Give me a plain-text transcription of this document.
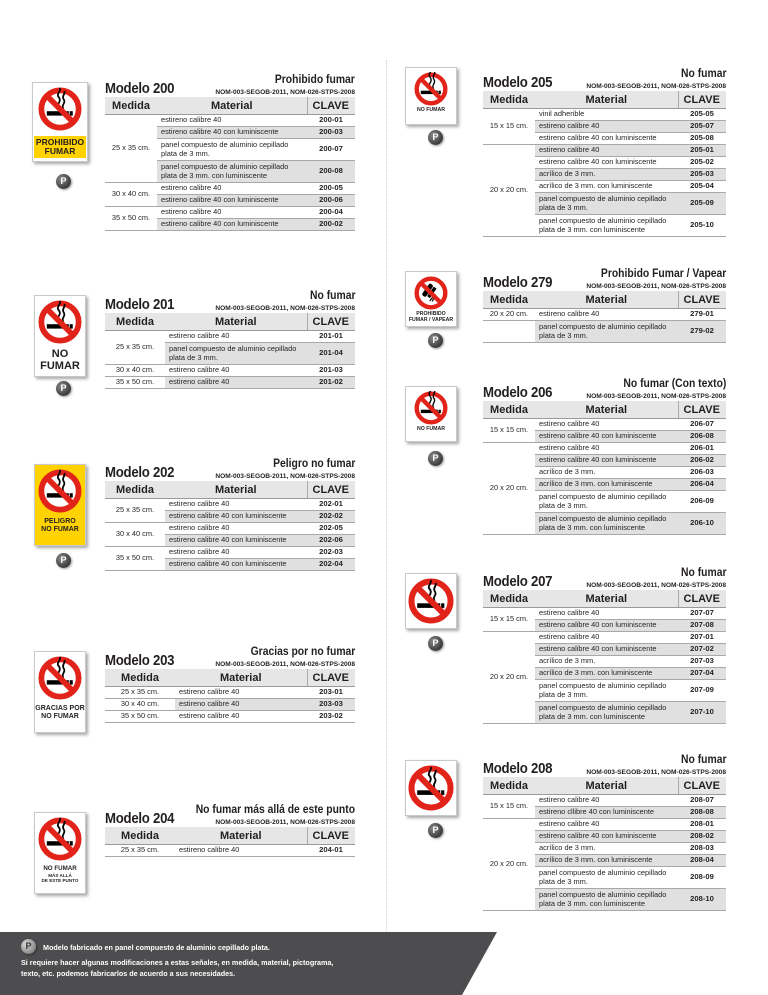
PROHIBIDO
FUMAR
P
Modelo 200	Prohibido fumar
NOM-003-SEGOB-2011, NOM-026-STPS-2008
Medida	Material	CLAVE
25 x 35 cm.	estireno calibre 40	200-01
	estireno calibre 40 con luminiscente	200-03
	panel compuesto de aluminio cepillado plata de 3 mm.	200-07
	panel compuesto de aluminio cepillado plata de 3 mm. con luminiscente	200-08
30 x 40 cm.	estireno calibre 40	200-05
	estireno calibre 40 con luminiscente	200-06
35 x 50 cm.	estireno calibre 40	200-04
	estireno calibre 40 con luminiscente	200-02
NO
FUMAR
P
Modelo 201	No fumar
NOM-003-SEGOB-2011, NOM-026-STPS-2008
Medida	Material	CLAVE
25 x 35 cm.	estireno calibre 40	201-01
	panel compuesto de aluminio cepillado plata de 3 mm.	201-04
30 x 40 cm.	estireno calibre 40	201-03
35 x 50 cm.	estireno calibre 40	201-02
PELIGRO
NO FUMAR
P
Modelo 202	Peligro no fumar
NOM-003-SEGOB-2011, NOM-026-STPS-2008
Medida	Material	CLAVE
25 x 35 cm.	estireno calibre 40	202-01
	estireno calibre 40 con luminiscente	202-02
30 x 40 cm.	estireno calibre 40	202-05
	estireno calibre 40 con luminiscente	202-06
35 x 50 cm.	estireno calibre 40	202-03
	estireno calibre 40 con luminiscente	202-04
GRACIAS POR
NO FUMAR
Modelo 203	Gracias por no fumar
NOM-003-SEGOB-2011, NOM-026-STPS-2008
Medida	Material	CLAVE
25 x 35 cm.	estireno calibre 40	203-01
30 x 40 cm.	estireno calibre 40	203-03
35 x 50 cm.	estireno calibre 40	203-02
NO FUMAR
MÁS ALLÁ
DE ESTE PUNTO
Modelo 204 No fumar más allá de este punto
NOM-003-SEGOB-2011, NOM-026-STPS-2008
Medida	Material	CLAVE
25 x 35 cm.	estireno calibre 40	204-01
NO FUMAR
P
Modelo 205	No fumar
NOM-003-SEGOB-2011, NOM-026-STPS-2008
Medida	Material	CLAVE
15 x 15 cm.	vinil adherible	205-05
	estireno calibre 40	205-07
	estireno calibre 40 con luminiscente	205-08
20 x 20 cm.	estireno calibre 40	205-01
	estireno calibre 40 con luminiscente	205-02
	acrílico de 3 mm.	205-03
	acrílico de 3 mm. con luminiscente	205-04
	panel compuesto de aluminio cepillado plata de 3 mm.	205-09
	panel compuesto de aluminio cepillado plata de 3 mm. con luminiscente	205-10
PROHIBIDO
FUMAR / VAPEAR
P
Modelo 279	Prohibido Fumar / Vapear
NOM-003-SEGOB-2011, NOM-026-STPS-2008
Medida	Material	CLAVE
20 x 20 cm.	estireno calibre 40	279-01
	panel compuesto de aluminio cepillado plata de 3 mm.	279-02
NO FUMAR
P
Modelo 206	No fumar (Con texto)
NOM-003-SEGOB-2011, NOM-026-STPS-2008
Medida	Material	CLAVE
15 x 15 cm.	estireno calibre 40	206-07
	estireno calibre 40 con luminiscente	206-08
20 x 20 cm.	estireno calibre 40	206-01
	estireno calibre 40 con luminiscente	206-02
	acrílico de 3 mm.	206-03
	acrílico de 3 mm. con luminiscente	206-04
	panel compuesto de aluminio cepillado plata de 3 mm.	206-09
	panel compuesto de aluminio cepillado plata de 3 mm. con luminiscente	206-10
P
Modelo 207	No fumar
NOM-003-SEGOB-2011, NOM-026-STPS-2008
Medida	Material	CLAVE
15 x 15 cm.	estireno calibre 40	207-07
	estireno calibre 40 con luminiscente	207-08
20 x 20 cm.	estireno calibre 40	207-01
	estireno calibre 40 con luminiscente	207-02
	acrílico de 3 mm.	207-03
	acrílico de 3 mm. con luminiscente	207-04
	panel compuesto de aluminio cepillado plata de 3 mm.	207-09
	panel compuesto de aluminio cepillado plata de 3 mm. con luminiscente	207-10
P
Modelo 208	No fumar
NOM-003-SEGOB-2011, NOM-026-STPS-2008
Medida	Material	CLAVE
15 x 15 cm.	estireno calibre 40	208-07
	estireno cllibre 40 con luminiscente	208-08
20 x 20 cm.	estireno calibre 40	208-01
	estireno calibre 40 con luminiscente	208-02
	acrílico de 3 mm.	208-03
	acrílico de 3 mm. con luminiscente	208-04
	panel compuesto de aluminio cepillado plata de 3 mm.	208-09
	panel compuesto de aluminio cepillado plata de 3 mm. con luminiscente	208-10
P	Modelo fabricado en panel compuesto de aluminio cepillado plata.
Si requiere hacer algunas modificaciones a estas señales, en medida, material, pictograma,
texto, etc. podemos fabricarlos de acuerdo a sus necesidades.
